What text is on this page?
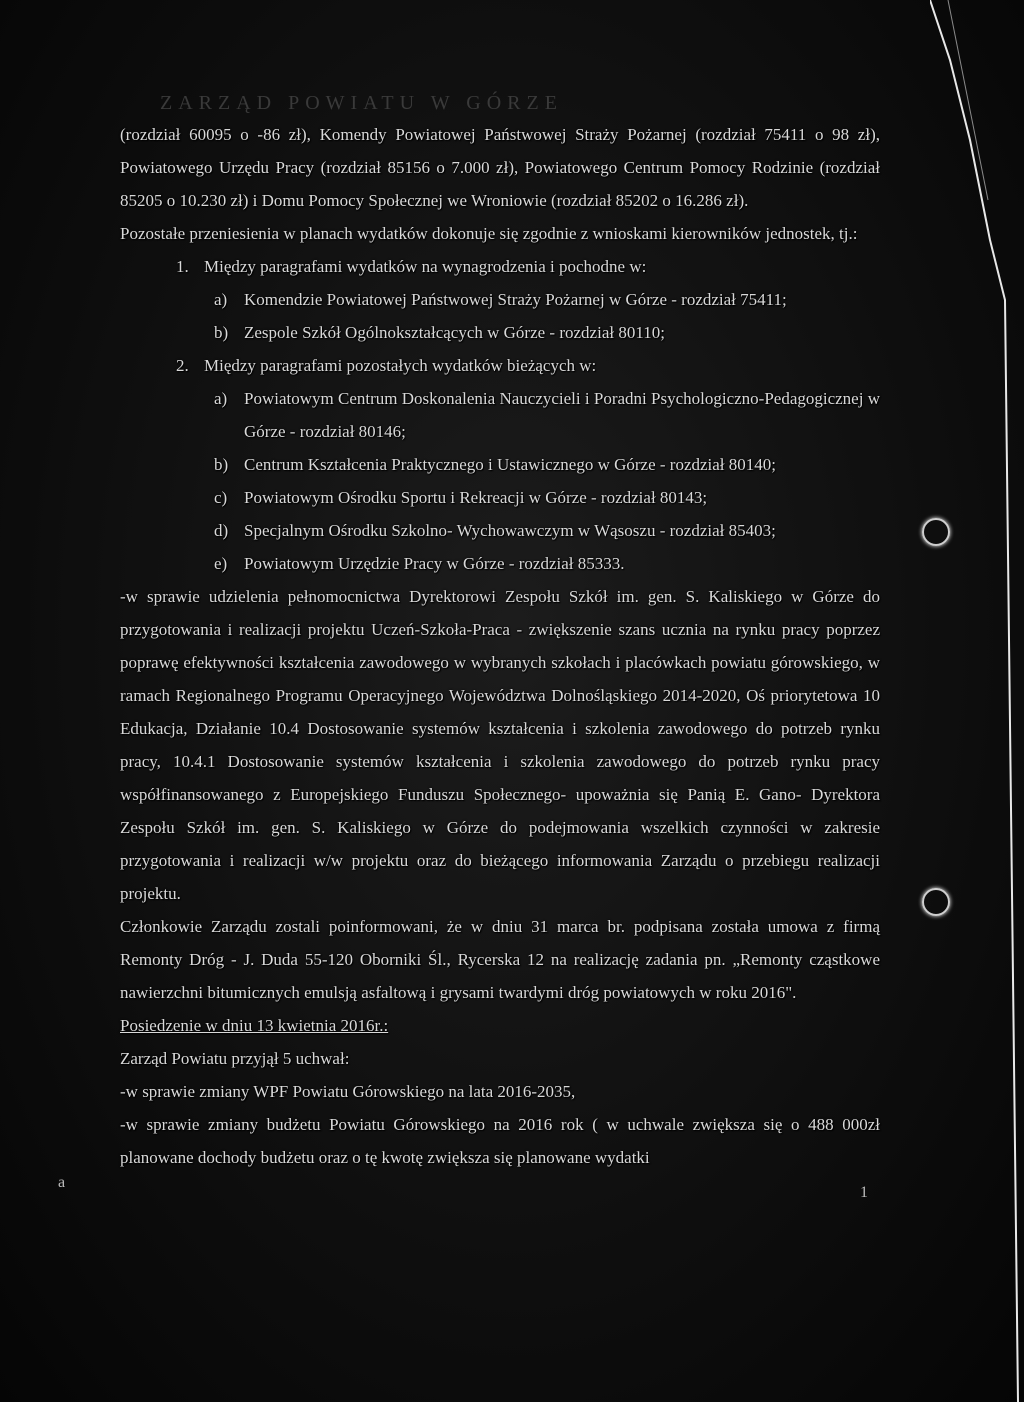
ZARZĄD POWIATU W GÓRZE
a
1

(rozdział 60095 o -86 zł), Komendy Powiatowej Państwowej Straży Pożarnej (rozdział 75411 o 98 zł), Powiatowego Urzędu Pracy (rozdział 85156 o 7.000 zł), Powiatowego Centrum Pomocy Rodzinie (rozdział 85205 o 10.230 zł) i Domu Pomocy Społecznej we Wroniowie (rozdział 85202 o 16.286 zł).

Pozostałe przeniesienia w planach wydatków dokonuje się zgodnie z wnioskami kierowników jednostek, tj.:

1. Między paragrafami wydatków na wynagrodzenia i pochodne w:
a) Komendzie Powiatowej Państwowej Straży Pożarnej w Górze - rozdział 75411;
b) Zespole Szkół Ogólnokształcących w Górze - rozdział 80110;
2. Między paragrafami pozostałych wydatków bieżących w:
a) Powiatowym Centrum Doskonalenia Nauczycieli i Poradni Psychologiczno-Pedagogicznej w Górze - rozdział 80146;
b) Centrum Kształcenia Praktycznego i Ustawicznego w Górze - rozdział 80140;
c) Powiatowym Ośrodku Sportu i Rekreacji w Górze - rozdział 80143;
d) Specjalnym Ośrodku Szkolno- Wychowawczym w Wąsoszu - rozdział 85403;
e) Powiatowym Urzędzie Pracy w Górze - rozdział 85333.

-w sprawie udzielenia pełnomocnictwa Dyrektorowi Zespołu Szkół im. gen. S. Kaliskiego w Górze do przygotowania i realizacji projektu Uczeń-Szkoła-Praca - zwiększenie szans ucznia na rynku pracy poprzez poprawę efektywności kształcenia zawodowego w wybranych szkołach i placówkach powiatu górowskiego, w ramach Regionalnego Programu Operacyjnego Województwa Dolnośląskiego 2014-2020, Oś priorytetowa 10 Edukacja, Działanie 10.4 Dostosowanie systemów kształcenia i szkolenia zawodowego do potrzeb rynku pracy, 10.4.1 Dostosowanie systemów kształcenia i szkolenia zawodowego do potrzeb rynku pracy współfinansowanego z Europejskiego Funduszu Społecznego- upoważnia się Panią E. Gano- Dyrektora Zespołu Szkół im. gen. S. Kaliskiego w Górze do podejmowania wszelkich czynności w zakresie przygotowania i realizacji w/w projektu oraz do bieżącego informowania Zarządu o przebiegu realizacji projektu.

Członkowie Zarządu zostali poinformowani, że w dniu 31 marca br. podpisana została umowa z firmą Remonty Dróg - J. Duda 55-120 Oborniki Śl., Rycerska 12 na realizację zadania pn. „Remonty cząstkowe nawierzchni bitumicznych emulsją asfaltową i grysami twardymi dróg powiatowych w roku 2016".

Posiedzenie w dniu 13 kwietnia 2016r.:

Zarząd Powiatu przyjął 5 uchwał:

-w sprawie zmiany WPF Powiatu Górowskiego na lata 2016-2035,

-w sprawie zmiany budżetu Powiatu Górowskiego na 2016 rok ( w uchwale zwiększa się o 488 000zł planowane dochody budżetu oraz o tę kwotę zwiększa się planowane wydatki
